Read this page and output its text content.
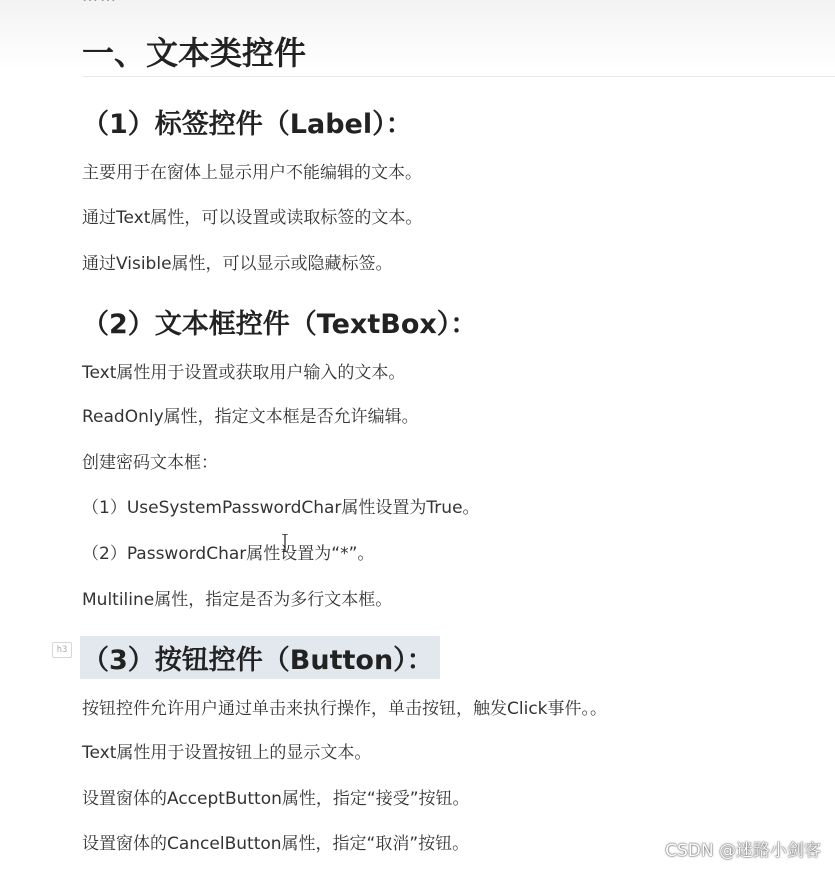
一、文本类控件
（1）标签控件（Label）：
主要用于在窗体上显示用户不能编辑的文本。
通过Text属性，可以设置或读取标签的文本。
通过Visible属性，可以显示或隐藏标签。
（2）文本框控件（TextBox）：
Text属性用于设置或获取用户输入的文本。
ReadOnly属性，指定文本框是否允许编辑。
创建密码文本框：
（1）UseSystemPasswordChar属性设置为True。
（2）PasswordChar属性设置为“*”。
Multiline属性，指定是否为多行文本框。
h3 （3）按钮控件（Button）：
按钮控件允许用户通过单击来执行操作，单击按钮，触发Click事件。。
Text属性用于设置按钮上的显示文本。
设置窗体的AcceptButton属性，指定“接受”按钮。
设置窗体的CancelButton属性，指定“取消”按钮。	CSDN @迷路小剑客
